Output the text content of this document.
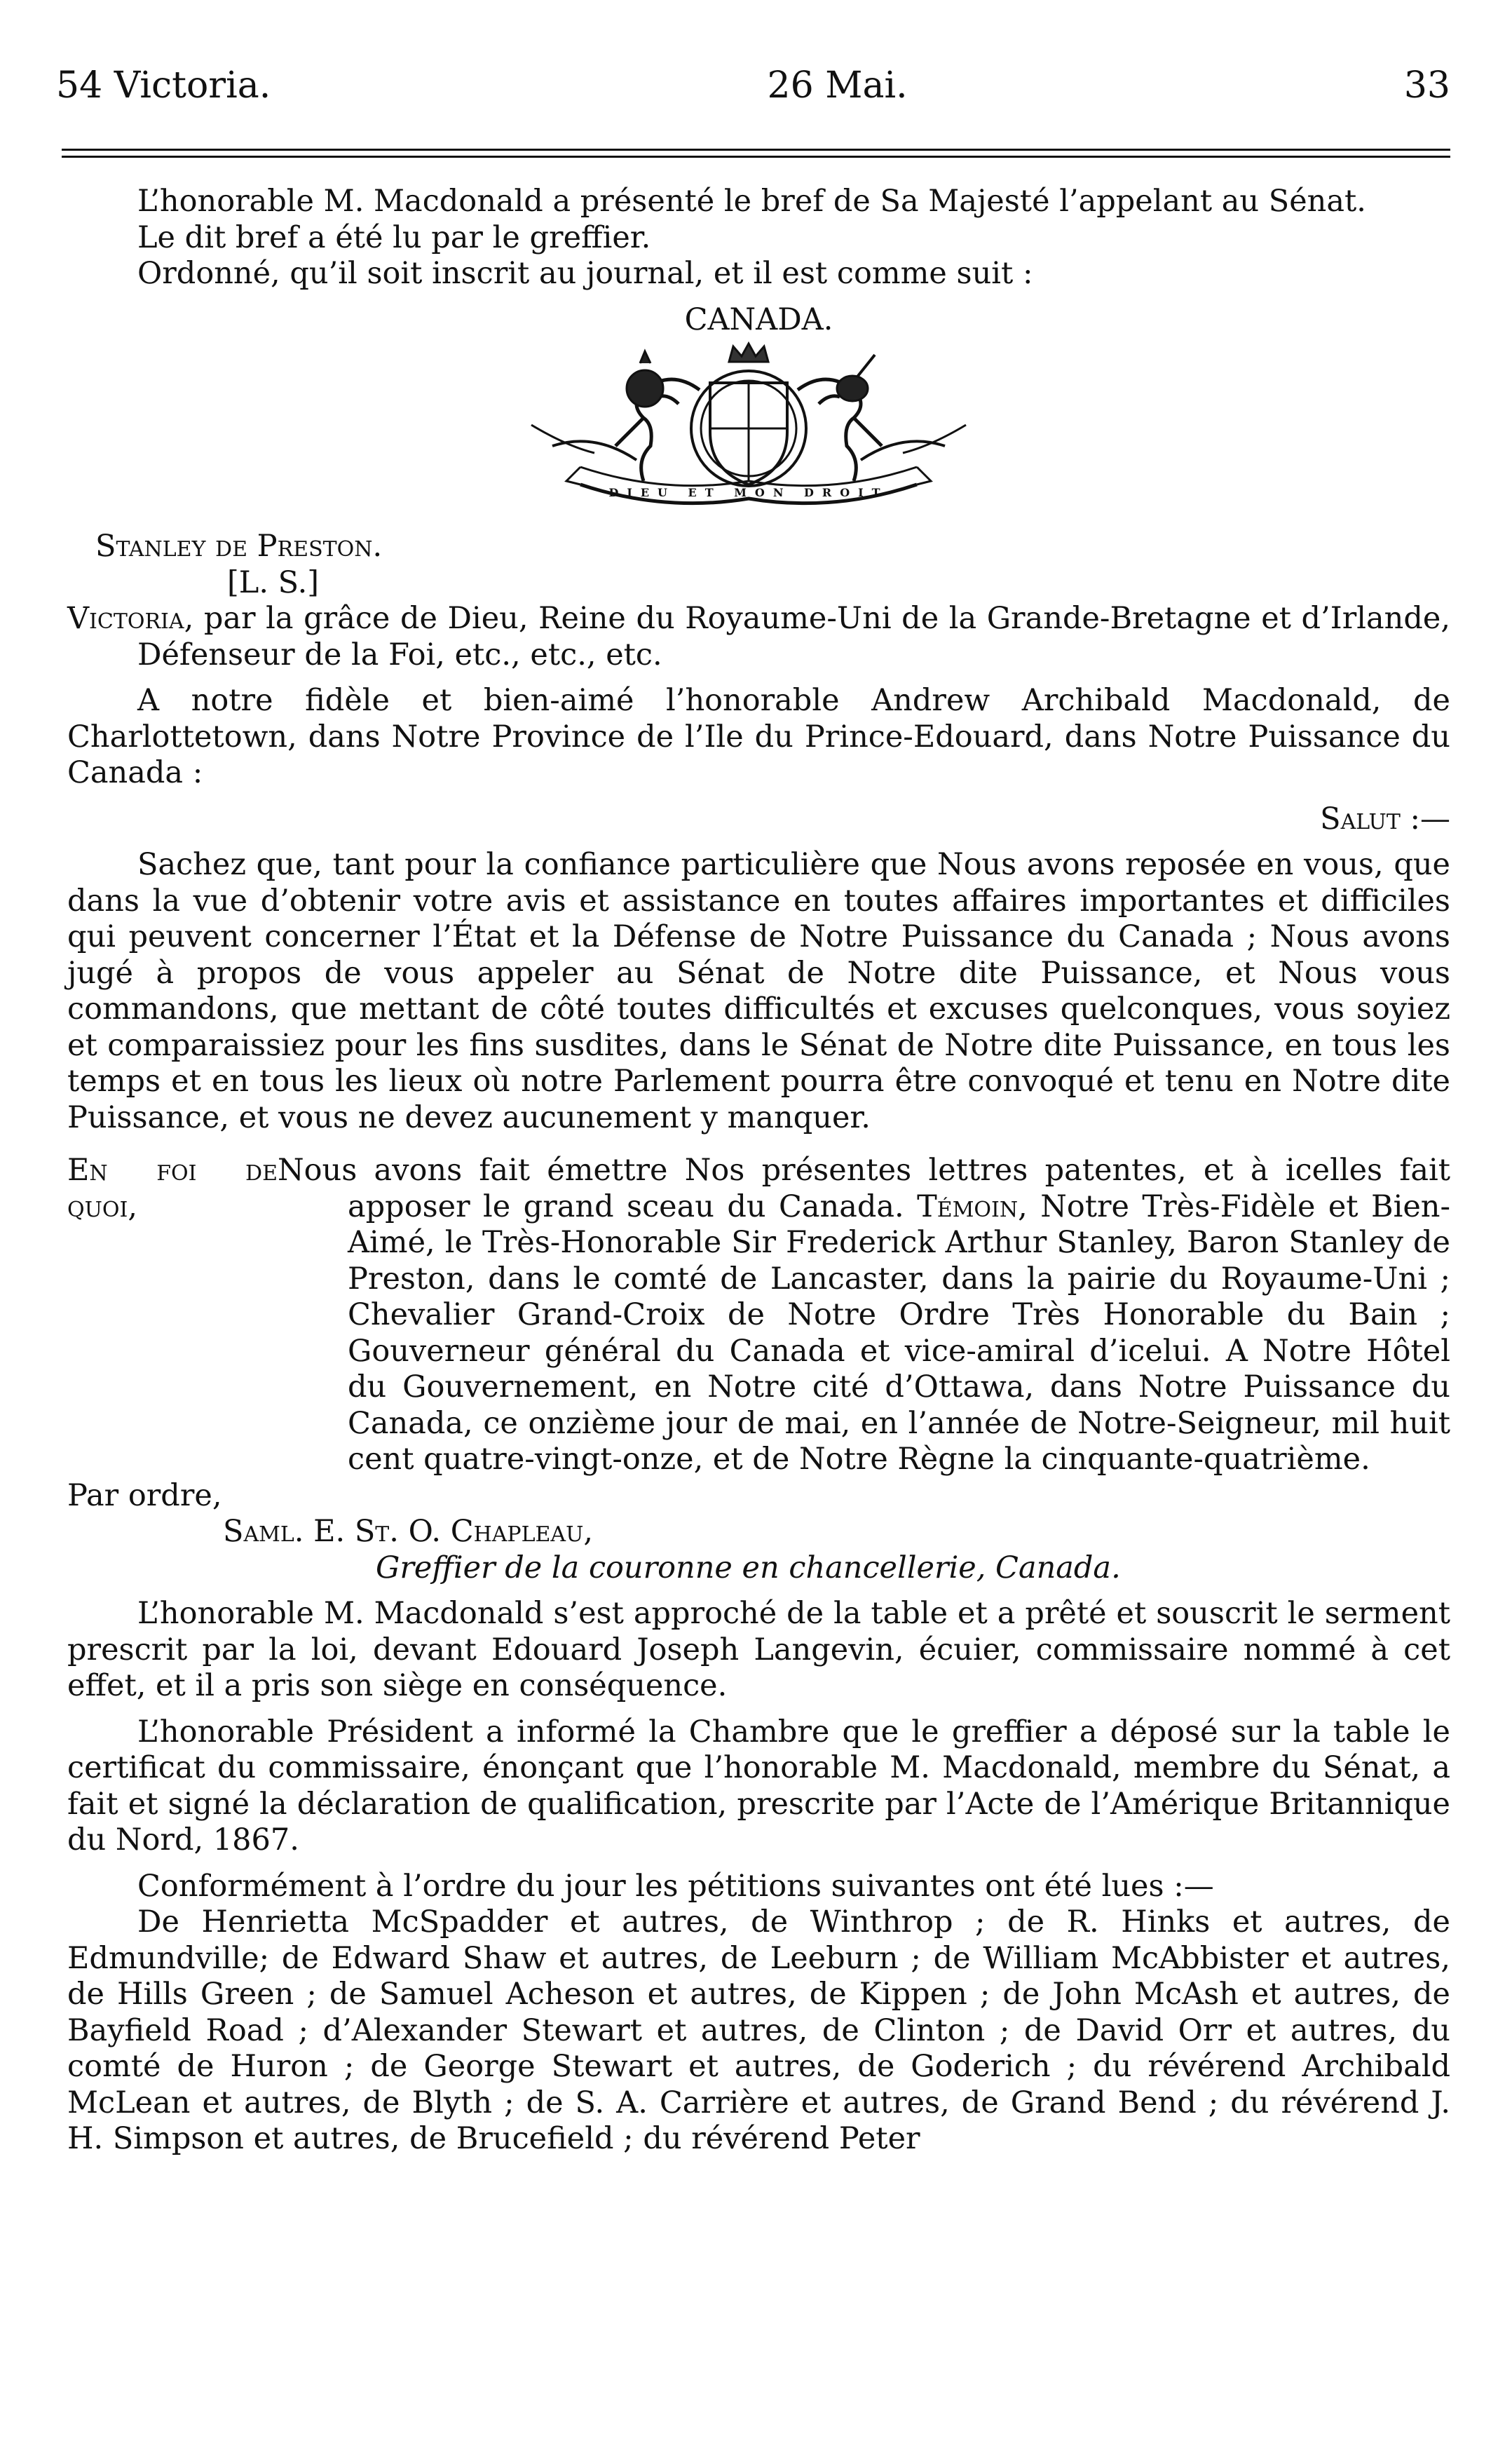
54 Victoria.	26 Mai.	33

L’honorable M. Macdonald a présenté le bref de Sa Majesté l’appelant au Sénat.

Le dit bref a été lu par le greffier.

Ordonné, qu’il soit inscrit au journal, et il est comme suit :

CANADA.

DIEU ET MON DROIT

Stanley de Preston.

[L. S.]

Victoria, par la grâce de Dieu, Reine du Royaume-Uni de la Grande-Bretagne et d’Irlande, Défenseur de la Foi, etc., etc., etc.

A notre fidèle et bien-aimé l’honorable Andrew Archibald Macdonald, de Charlottetown, dans Notre Province de l’Ile du Prince-Edouard, dans Notre Puissance du Canada :

Salut :—

Sachez que, tant pour la confiance particulière que Nous avons reposée en vous, que dans la vue d’obtenir votre avis et assistance en toutes affaires importantes et difficiles qui peuvent concerner l’État et la Défense de Notre Puissance du Canada ; Nous avons jugé à propos de vous appeler au Sénat de Notre dite Puissance, et Nous vous commandons, que mettant de côté toutes difficultés et excuses quelconques, vous soyiez et comparaissiez pour les fins susdites, dans le Sénat de Notre dite Puissance, en tous les temps et en tous les lieux où notre Parlement pourra être convoqué et tenu en Notre dite Puissance, et vous ne devez aucunement y manquer.

En foi de quoi,
Nous avons fait émettre Nos présentes lettres patentes, et à icelles fait apposer le grand sceau du Canada. Témoin, Notre Très-Fidèle et Bien-Aimé, le Très-Honorable Sir Frederick Arthur Stanley, Baron Stanley de Preston, dans le comté de Lancaster, dans la pairie du Royaume-Uni ; Chevalier Grand-Croix de Notre Ordre Très Honorable du Bain ; Gouverneur général du Canada et vice-amiral d’icelui. A Notre Hôtel du Gouvernement, en Notre cité d’Ottawa, dans Notre Puissance du Canada, ce onzième jour de mai, en l’année de Notre-Seigneur, mil huit cent quatre-vingt-onze, et de Notre Règne la cinquante-quatrième.

Par ordre,

Saml. E. St. O. Chapleau,

Greffier de la couronne en chancellerie, Canada.

L’honorable M. Macdonald s’est approché de la table et a prêté et souscrit le serment prescrit par la loi, devant Edouard Joseph Langevin, écuier, commissaire nommé à cet effet, et il a pris son siège en conséquence.

L’honorable Président a informé la Chambre que le greffier a déposé sur la table le certificat du commissaire, énonçant que l’honorable M. Macdonald, membre du Sénat, a fait et signé la déclaration de qualification, prescrite par l’Acte de l’Amérique Britannique du Nord, 1867.

Conformément à l’ordre du jour les pétitions suivantes ont été lues :—

De Henrietta McSpadder et autres, de Winthrop ; de R. Hinks et autres, de Edmundville; de Edward Shaw et autres, de Leeburn ; de William McAbbister et autres, de Hills Green ; de Samuel Acheson et autres, de Kippen ; de John McAsh et autres, de Bayfield Road ; d’Alexander Stewart et autres, de Clinton ; de David Orr et autres, du comté de Huron ; de George Stewart et autres, de Goderich ; du révérend Archibald McLean et autres, de Blyth ; de S. A. Carrière et autres, de Grand Bend ; du révérend J. H. Simpson et autres, de Brucefield ; du révérend Peter
